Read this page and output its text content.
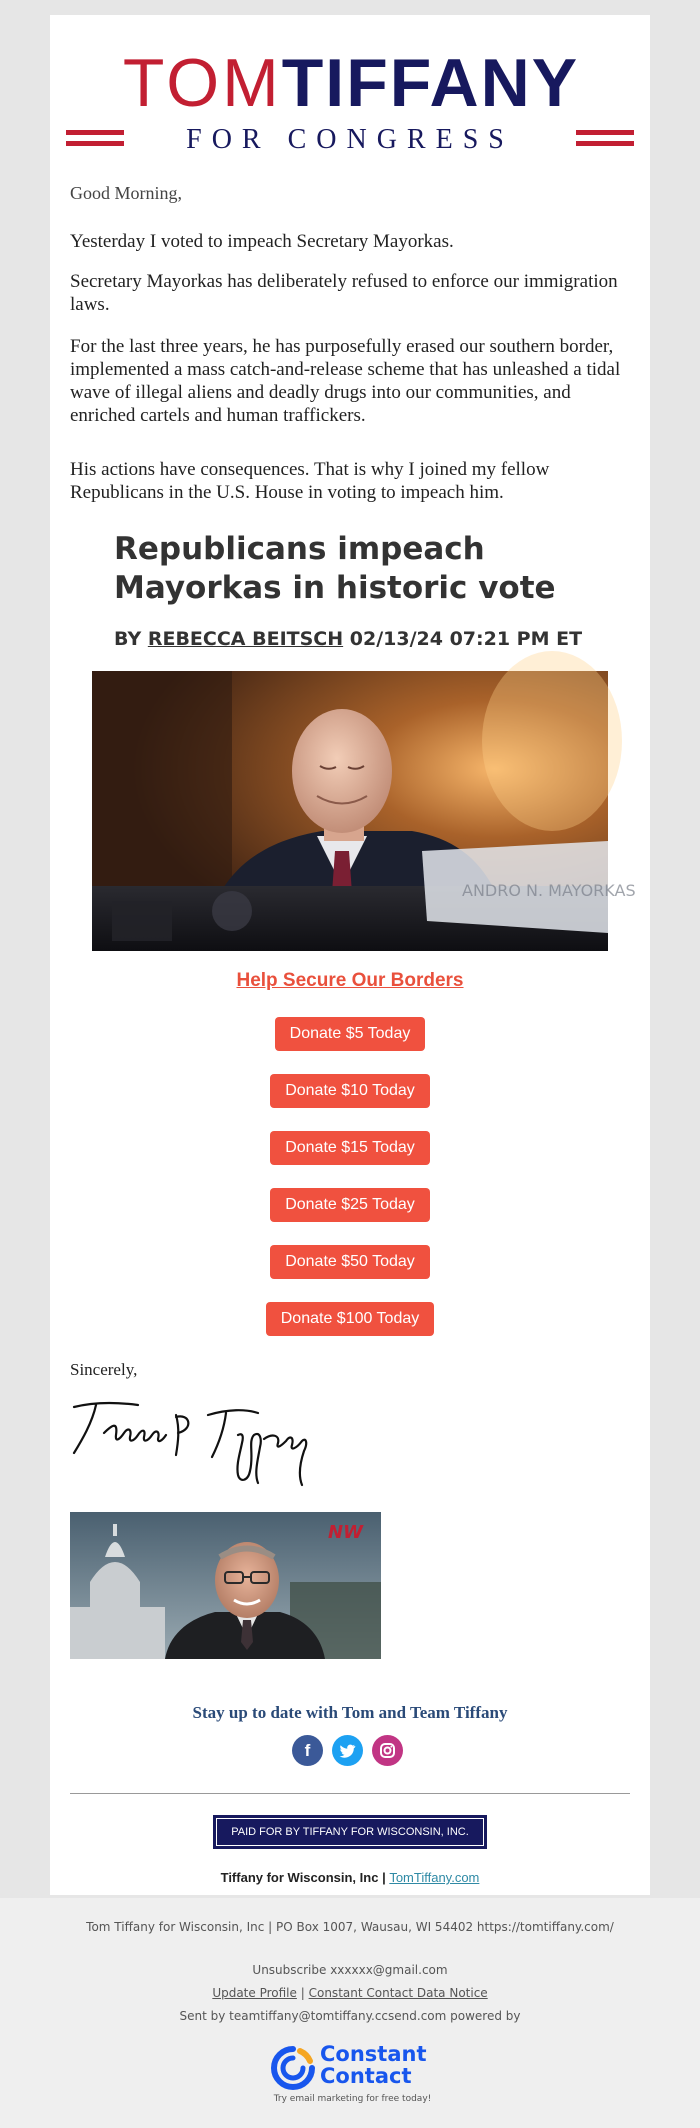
TOMTIFFANY
FOR CONGRESS

Good Morning,

Yesterday I voted to impeach Secretary Mayorkas.

Secretary Mayorkas has deliberately refused to enforce our immigration laws.

For the last three years, he has purposefully erased our southern border, implemented a mass catch-and-release scheme that has unleashed a tidal wave of illegal aliens and deadly drugs into our communities, and enriched cartels and human traffickers.

His actions have consequences. That is why I joined my fellow Republicans in the U.S. House in voting to impeach him.

Republicans impeach Mayorkas in historic vote
BY REBECCA BEITSCH 02/13/24 07:21 PM ET
ANDRO N. MAYORKAS
Help Secure Our Borders
Donate $5 Today
Donate $10 Today
Donate $15 Today
Donate $25 Today
Donate $50 Today
Donate $100 Today
Sincerely,
NW
Stay up to date with Tom and Team Tiffany
f
PAID FOR BY TIFFANY FOR WISCONSIN, INC.
Tiffany for Wisconsin, Inc | TomTiffany.com
Tom Tiffany for Wisconsin, Inc | PO Box 1007, Wausau, WI 54402 https://tomtiffany.com/
Unsubscribe xxxxxx@gmail.com
Update Profile | Constant Contact Data Notice
Sent by teamtiffany@tomtiffany.ccsend.com powered by
Constant
Contact
Try email marketing for free today!
